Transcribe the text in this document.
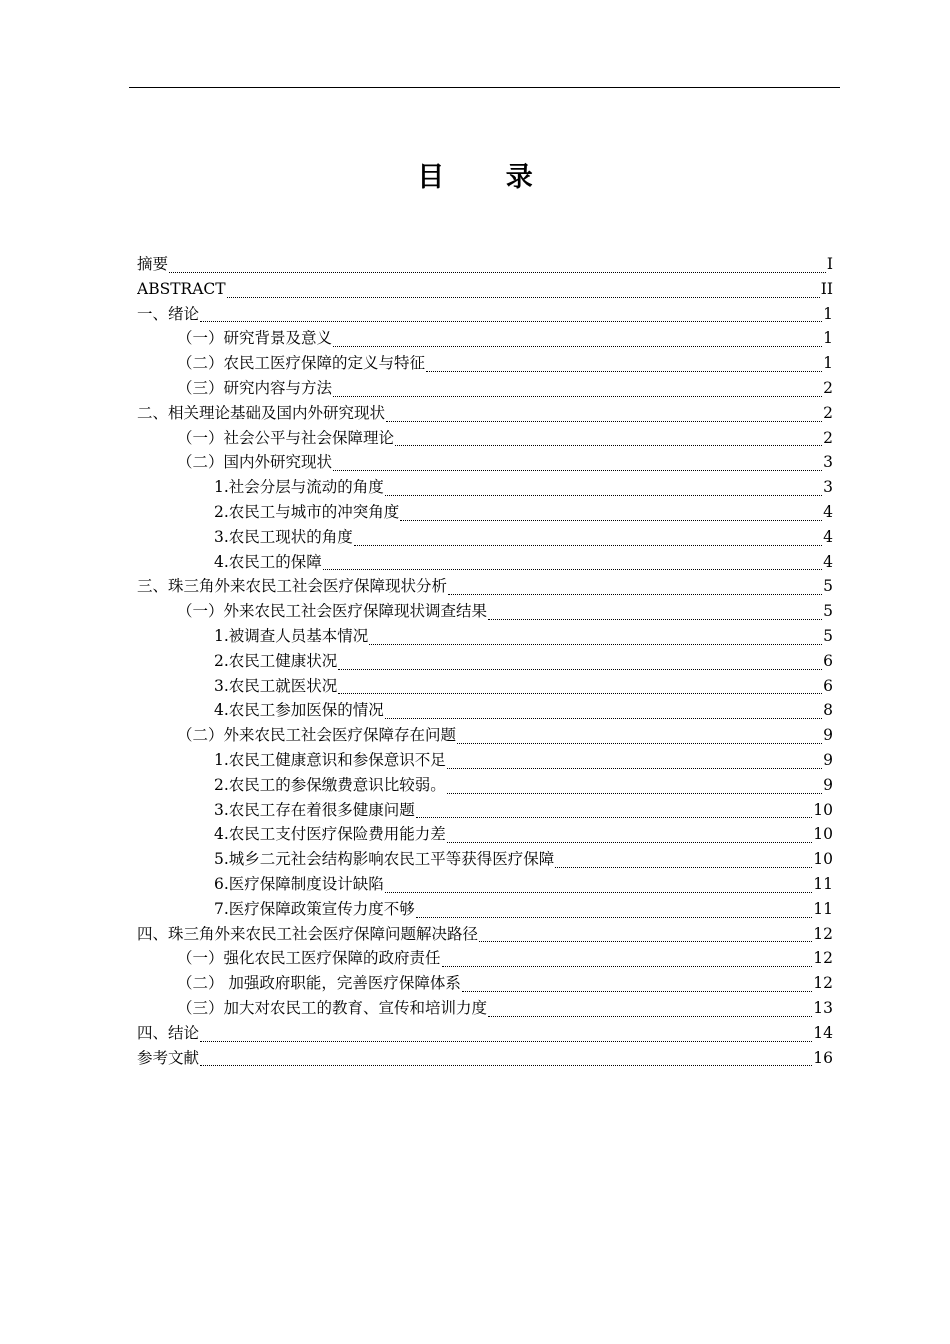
目 录
摘要	I
ABSTRACT	II
一、绪论	1
（一）研究背景及意义	1
（二）农民工医疗保障的定义与特征	1
（三）研究内容与方法	2
二、相关理论基础及国内外研究现状	2
（一）社会公平与社会保障理论	2
（二）国内外研究现状	3
1.社会分层与流动的角度	3
2.农民工与城市的冲突角度	4
3.农民工现状的角度	4
4.农民工的保障	4
三、珠三角外来农民工社会医疗保障现状分析	5
（一）外来农民工社会医疗保障现状调查结果	5
1.被调查人员基本情况	5
2.农民工健康状况	6
3.农民工就医状况	6
4.农民工参加医保的情况	8
（二）外来农民工社会医疗保障存在问题	9
1.农民工健康意识和参保意识不足	9
2.农民工的参保缴费意识比较弱。	9
3.农民工存在着很多健康问题	10
4.农民工支付医疗保险费用能力差	10
5.城乡二元社会结构影响农民工平等获得医疗保障	10
6.医疗保障制度设计缺陷	11
7.医疗保障政策宣传力度不够	11
四、珠三角外来农民工社会医疗保障问题解决路径	12
（一）强化农民工医疗保障的政府责任	12
（二） 加强政府职能，完善医疗保障体系	12
（三）加大对农民工的教育、宣传和培训力度	13
四、结论	14
参考文献	16
